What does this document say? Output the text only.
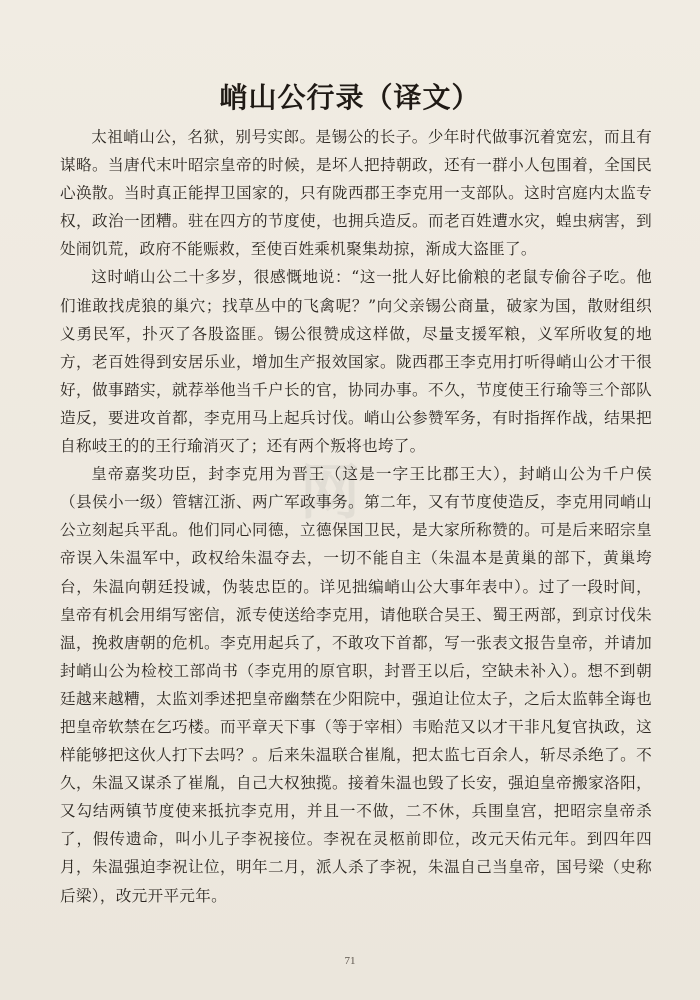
网
峭山公行录（译文）

太祖峭山公，名狱，别号实郎。是锡公的长子。少年时代做事沉着宽宏，而且有谋略。当唐代末叶昭宗皇帝的时候，是坏人把持朝政，还有一群小人包围着，全国民心涣散。当时真正能捍卫国家的，只有陇西郡王李克用一支部队。这时宫庭内太监专权，政治一团糟。驻在四方的节度使，也拥兵造反。而老百姓遭水灾，蝗虫病害，到处闹饥荒，政府不能赈救，至使百姓乘机聚集劫掠，渐成大盗匪了。

这时峭山公二十多岁，很感慨地说：“这一批人好比偷粮的老鼠专偷谷子吃。他们谁敢找虎狼的巢穴；找草丛中的飞禽呢？”向父亲锡公商量，破家为国，散财组织义勇民军，扑灭了各股盗匪。锡公很赞成这样做，尽量支援军粮，义军所收复的地方，老百姓得到安居乐业，增加生产报效国家。陇西郡王李克用打听得峭山公才干很好，做事踏实，就荐举他当千户长的官，协同办事。不久，节度使王行瑜等三个部队造反，要进攻首都，李克用马上起兵讨伐。峭山公参赞军务，有时指挥作战，结果把自称岐王的的王行瑜消灭了；还有两个叛将也垮了。

皇帝嘉奖功臣，封李克用为晋王（这是一字王比郡王大），封峭山公为千户侯（县侯小一级）管辖江浙、两广军政事务。第二年，又有节度使造反，李克用同峭山公立刻起兵平乱。他们同心同德，立德保国卫民，是大家所称赞的。可是后来昭宗皇帝误入朱温军中，政权给朱温夺去，一切不能自主（朱温本是黄巢的部下，黄巢垮台，朱温向朝廷投诚，伪装忠臣的。详见拙编峭山公大事年表中）。过了一段时间，皇帝有机会用绢写密信，派专使送给李克用，请他联合吴王、蜀王两部，到京讨伐朱温，挽救唐朝的危机。李克用起兵了，不敢攻下首都，写一张表文报告皇帝，并请加封峭山公为检校工部尚书（李克用的原官职，封晋王以后，空缺未补入）。想不到朝廷越来越糟，太监刘季述把皇帝幽禁在少阳院中，强迫让位太子，之后太监韩全诲也把皇帝软禁在乞巧楼。而平章天下事（等于宰相）韦贻范又以才干非凡复官执政，这样能够把这伙人打下去吗？。后来朱温联合崔胤，把太监七百余人，斩尽杀绝了。不久，朱温又谋杀了崔胤，自己大权独揽。接着朱温也毁了长安，强迫皇帝搬家洛阳，又勾结两镇节度使来抵抗李克用，并且一不做，二不休，兵围皇宫，把昭宗皇帝杀了，假传遗命，叫小儿子李祝接位。李祝在灵柩前即位，改元天佑元年。到四年四月，朱温强迫李祝让位，明年二月，派人杀了李祝，朱温自己当皇帝，国号梁（史称后梁），改元开平元年。

71
